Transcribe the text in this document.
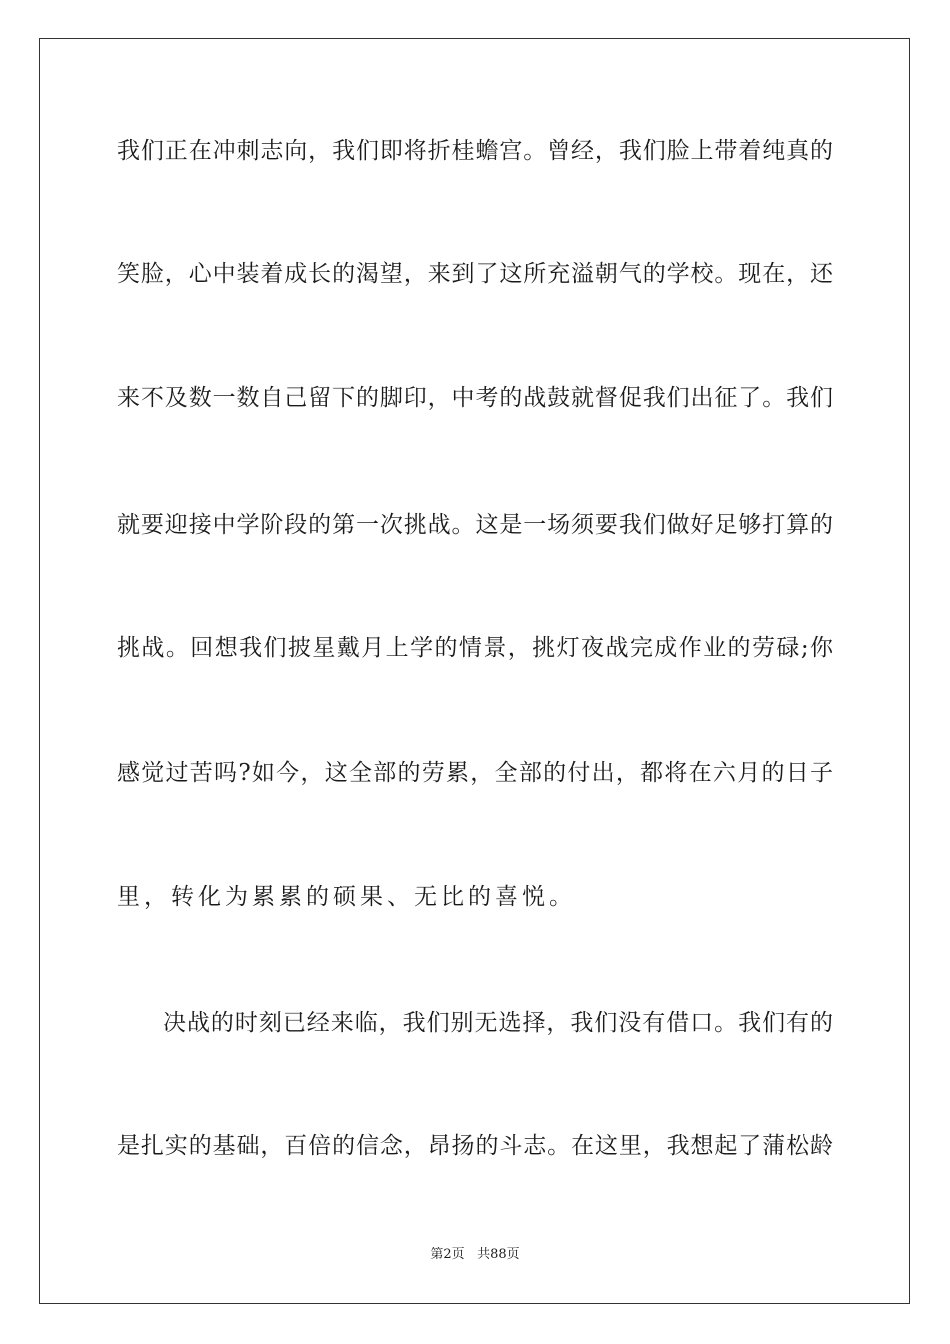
我们正在冲刺志向，我们即将折桂蟾宫。曾经，我们脸上带着纯真的
笑脸，心中装着成长的渴望，来到了这所充溢朝气的学校。现在，还
来不及数一数自己留下的脚印，中考的战鼓就督促我们出征了。我们
就要迎接中学阶段的第一次挑战。这是一场须要我们做好足够打算的
挑战。回想我们披星戴月上学的情景，挑灯夜战完成作业的劳碌;你
感觉过苦吗?如今，这全部的劳累，全部的付出，都将在六月的日子
里，转化为累累的硕果、无比的喜悦。
决战的时刻已经来临，我们别无选择，我们没有借口。我们有的
是扎实的基础，百倍的信念，昂扬的斗志。在这里，我想起了蒲松龄
第2页 共88页
